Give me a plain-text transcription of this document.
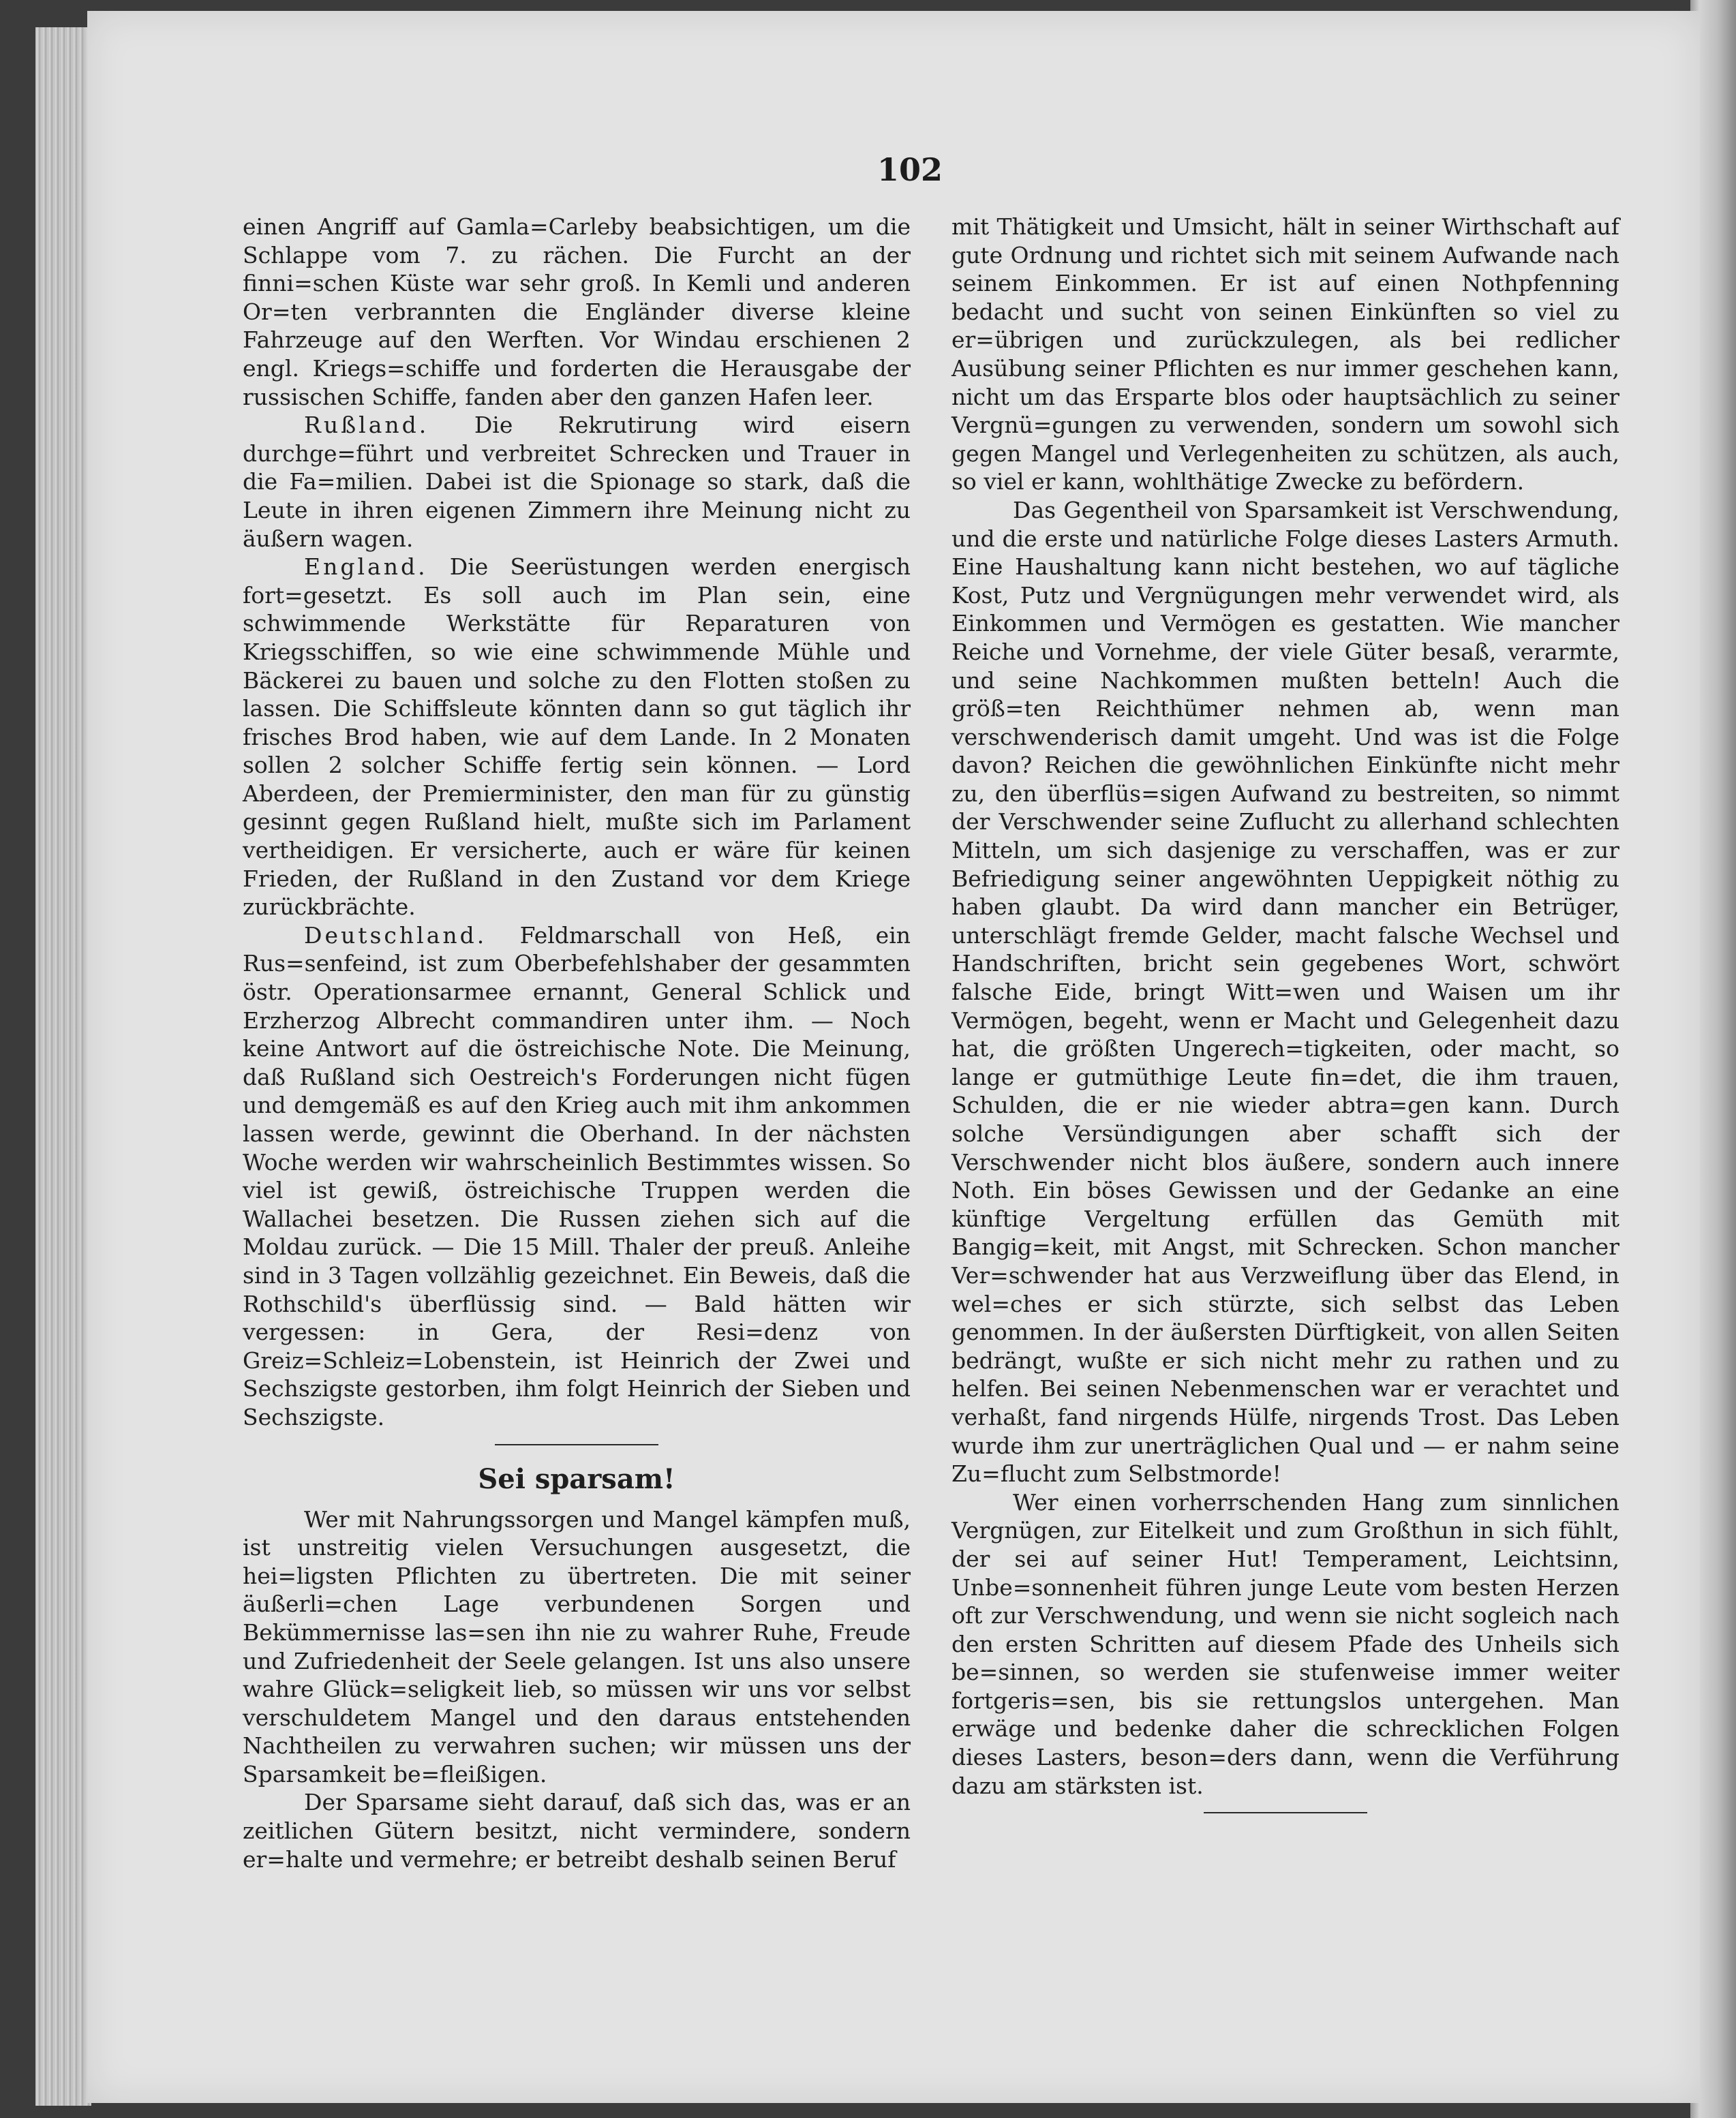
102

einen Angriff auf Gamla=Carleby beabsichtigen, um die Schlappe vom 7. zu rächen. Die Furcht an der finni=schen Küste war sehr groß. In Kemli und anderen Or=ten verbrannten die Engländer diverse kleine Fahrzeuge auf den Werften. Vor Windau erschienen 2 engl. Kriegs=schiffe und forderten die Herausgabe der russischen Schiffe, fanden aber den ganzen Hafen leer.

Rußland. Die Rekrutirung wird eisern durchge=führt und verbreitet Schrecken und Trauer in die Fa=milien. Dabei ist die Spionage so stark, daß die Leute in ihren eigenen Zimmern ihre Meinung nicht zu äußern wagen.

England. Die Seerüstungen werden energisch fort=gesetzt. Es soll auch im Plan sein, eine schwimmende Werkstätte für Reparaturen von Kriegsschiffen, so wie eine schwimmende Mühle und Bäckerei zu bauen und solche zu den Flotten stoßen zu lassen. Die Schiffsleute könnten dann so gut täglich ihr frisches Brod haben, wie auf dem Lande. In 2 Monaten sollen 2 solcher Schiffe fertig sein können. — Lord Aberdeen, der Premierminister, den man für zu günstig gesinnt gegen Rußland hielt, mußte sich im Parlament vertheidigen. Er versicherte, auch er wäre für keinen Frieden, der Rußland in den Zustand vor dem Kriege zurückbrächte.

Deutschland. Feldmarschall von Heß, ein Rus=senfeind, ist zum Oberbefehlshaber der gesammten östr. Operationsarmee ernannt, General Schlick und Erzherzog Albrecht commandiren unter ihm. — Noch keine Antwort auf die östreichische Note. Die Meinung, daß Rußland sich Oestreich's Forderungen nicht fügen und demgemäß es auf den Krieg auch mit ihm ankommen lassen werde, gewinnt die Oberhand. In der nächsten Woche werden wir wahrscheinlich Bestimmtes wissen. So viel ist gewiß, östreichische Truppen werden die Wallachei besetzen. Die Russen ziehen sich auf die Moldau zurück. — Die 15 Mill. Thaler der preuß. Anleihe sind in 3 Tagen vollzählig gezeichnet. Ein Beweis, daß die Rothschild's überflüssig sind. — Bald hätten wir vergessen: in Gera, der Resi=denz von Greiz=Schleiz=Lobenstein, ist Heinrich der Zwei und Sechszigste gestorben, ihm folgt Heinrich der Sieben und Sechszigste.

Sei sparsam!

Wer mit Nahrungssorgen und Mangel kämpfen muß, ist unstreitig vielen Versuchungen ausgesetzt, die hei=ligsten Pflichten zu übertreten. Die mit seiner äußerli=chen Lage verbundenen Sorgen und Bekümmernisse las=sen ihn nie zu wahrer Ruhe, Freude und Zufriedenheit der Seele gelangen. Ist uns also unsere wahre Glück=seligkeit lieb, so müssen wir uns vor selbst verschuldetem Mangel und den daraus entstehenden Nachtheilen zu verwahren suchen; wir müssen uns der Sparsamkeit be=fleißigen.

Der Sparsame sieht darauf, daß sich das, was er an zeitlichen Gütern besitzt, nicht vermindere, sondern er=halte und vermehre; er betreibt deshalb seinen Beruf

mit Thätigkeit und Umsicht, hält in seiner Wirthschaft auf gute Ordnung und richtet sich mit seinem Aufwande nach seinem Einkommen. Er ist auf einen Nothpfenning bedacht und sucht von seinen Einkünften so viel zu er=übrigen und zurückzulegen, als bei redlicher Ausübung seiner Pflichten es nur immer geschehen kann, nicht um das Ersparte blos oder hauptsächlich zu seiner Vergnü=gungen zu verwenden, sondern um sowohl sich gegen Mangel und Verlegenheiten zu schützen, als auch, so viel er kann, wohlthätige Zwecke zu befördern.

Das Gegentheil von Sparsamkeit ist Verschwendung, und die erste und natürliche Folge dieses Lasters Armuth. Eine Haushaltung kann nicht bestehen, wo auf tägliche Kost, Putz und Vergnügungen mehr verwendet wird, als Einkommen und Vermögen es gestatten. Wie mancher Reiche und Vornehme, der viele Güter besaß, verarmte, und seine Nachkommen mußten betteln! Auch die größ=ten Reichthümer nehmen ab, wenn man verschwenderisch damit umgeht. Und was ist die Folge davon? Reichen die gewöhnlichen Einkünfte nicht mehr zu, den überflüs=sigen Aufwand zu bestreiten, so nimmt der Verschwender seine Zuflucht zu allerhand schlechten Mitteln, um sich dasjenige zu verschaffen, was er zur Befriedigung seiner angewöhnten Ueppigkeit nöthig zu haben glaubt. Da wird dann mancher ein Betrüger, unterschlägt fremde Gelder, macht falsche Wechsel und Handschriften, bricht sein gegebenes Wort, schwört falsche Eide, bringt Witt=wen und Waisen um ihr Vermögen, begeht, wenn er Macht und Gelegenheit dazu hat, die größten Ungerech=tigkeiten, oder macht, so lange er gutmüthige Leute fin=det, die ihm trauen, Schulden, die er nie wieder abtra=gen kann. Durch solche Versündigungen aber schafft sich der Verschwender nicht blos äußere, sondern auch innere Noth. Ein böses Gewissen und der Gedanke an eine künftige Vergeltung erfüllen das Gemüth mit Bangig=keit, mit Angst, mit Schrecken. Schon mancher Ver=schwender hat aus Verzweiflung über das Elend, in wel=ches er sich stürzte, sich selbst das Leben genommen. In der äußersten Dürftigkeit, von allen Seiten bedrängt, wußte er sich nicht mehr zu rathen und zu helfen. Bei seinen Nebenmenschen war er verachtet und verhaßt, fand nirgends Hülfe, nirgends Trost. Das Leben wurde ihm zur unerträglichen Qual und — er nahm seine Zu=flucht zum Selbstmorde!

Wer einen vorherrschenden Hang zum sinnlichen Vergnügen, zur Eitelkeit und zum Großthun in sich fühlt, der sei auf seiner Hut! Temperament, Leichtsinn, Unbe=sonnenheit führen junge Leute vom besten Herzen oft zur Verschwendung, und wenn sie nicht sogleich nach den ersten Schritten auf diesem Pfade des Unheils sich be=sinnen, so werden sie stufenweise immer weiter fortgeris=sen, bis sie rettungslos untergehen. Man erwäge und bedenke daher die schrecklichen Folgen dieses Lasters, beson=ders dann, wenn die Verführung dazu am stärksten ist.
